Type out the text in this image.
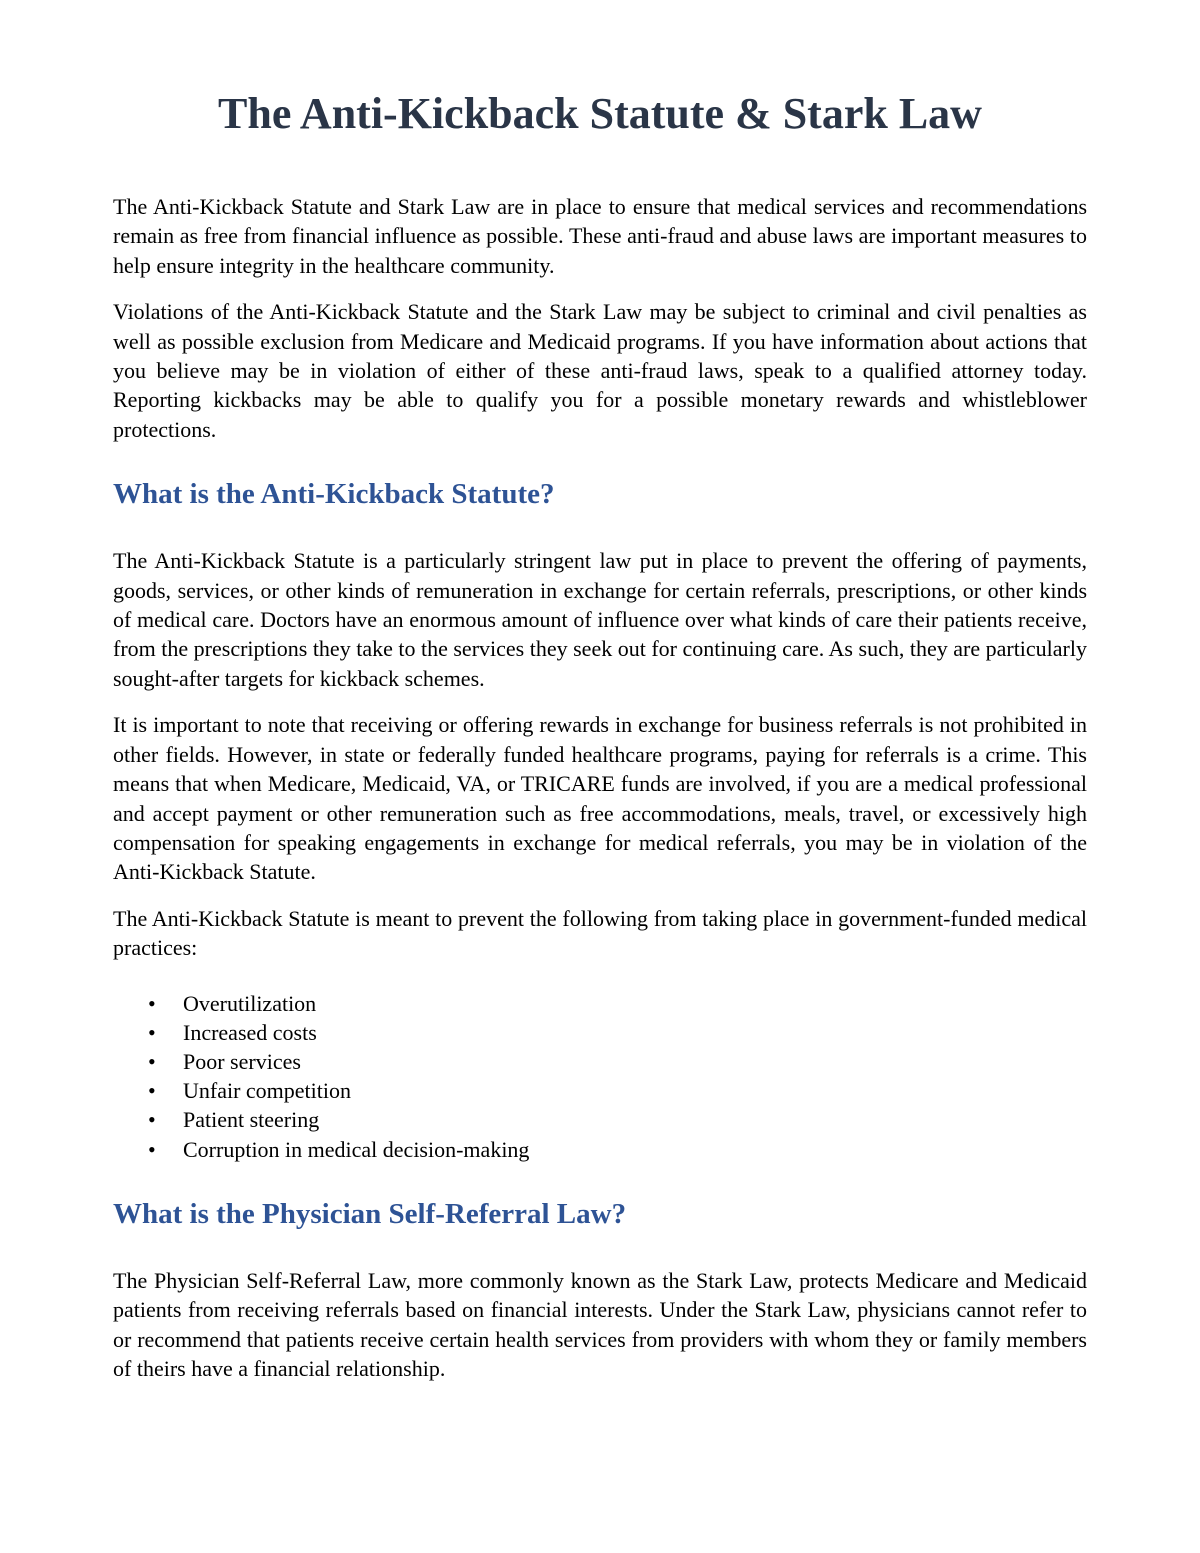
The Anti-Kickback Statute & Stark Law

The Anti-Kickback Statute and Stark Law are in place to ensure that medical services and recommendations remain as free from financial influence as possible. These anti-fraud and abuse laws are important measures to help ensure integrity in the healthcare community.

Violations of the Anti-Kickback Statute and the Stark Law may be subject to criminal and civil penalties as well as possible exclusion from Medicare and Medicaid programs. If you have information about actions that you believe may be in violation of either of these anti-fraud laws, speak to a qualified attorney today. Reporting kickbacks may be able to qualify you for a possible monetary rewards and whistleblower protections.

What is the Anti-Kickback Statute?

The Anti-Kickback Statute is a particularly stringent law put in place to prevent the offering of payments, goods, services, or other kinds of remuneration in exchange for certain referrals, prescriptions, or other kinds of medical care. Doctors have an enormous amount of influence over what kinds of care their patients receive, from the prescriptions they take to the services they seek out for continuing care. As such, they are particularly sought-after targets for kickback schemes.

It is important to note that receiving or offering rewards in exchange for business referrals is not prohibited in other fields. However, in state or federally funded healthcare programs, paying for referrals is a crime. This means that when Medicare, Medicaid, VA, or TRICARE funds are involved, if you are a medical professional and accept payment or other remuneration such as free accommodations, meals, travel, or excessively high compensation for speaking engagements in exchange for medical referrals, you may be in violation of the Anti-Kickback Statute.

The Anti-Kickback Statute is meant to prevent the following from taking place in government-funded medical practices:

• Overutilization
• Increased costs
• Poor services
• Unfair competition
• Patient steering
• Corruption in medical decision-making
What is the Physician Self-Referral Law?

The Physician Self-Referral Law, more commonly known as the Stark Law, protects Medicare and Medicaid patients from receiving referrals based on financial interests. Under the Stark Law, physicians cannot refer to or recommend that patients receive certain health services from providers with whom they or family members of theirs have a financial relationship.
